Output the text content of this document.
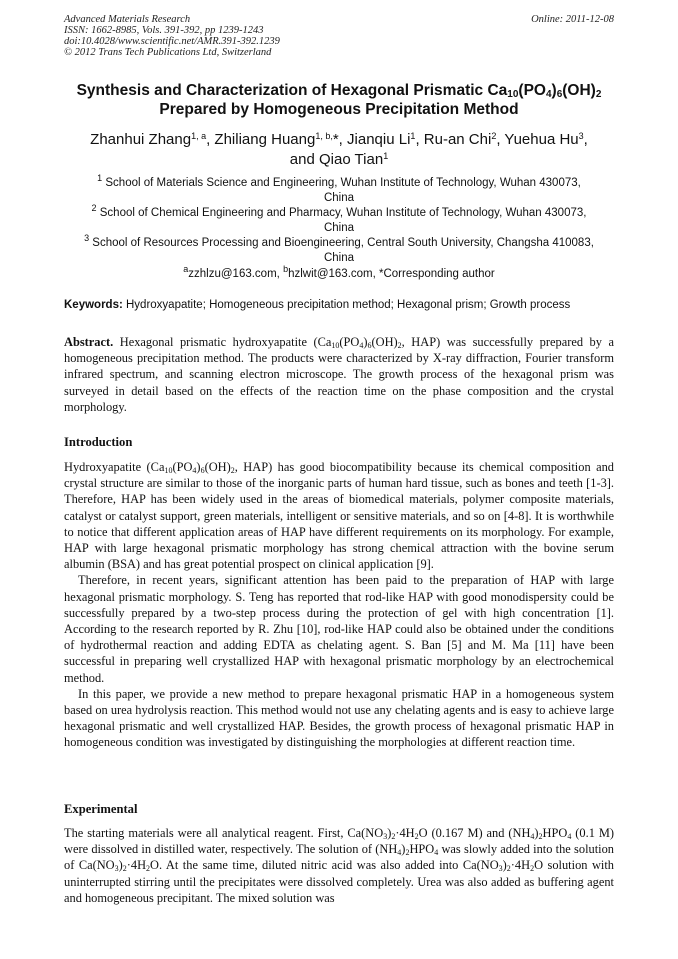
Advanced Materials Research
ISSN: 1662-8985, Vols. 391-392, pp 1239-1243
doi:10.4028/www.scientific.net/AMR.391-392.1239
© 2012 Trans Tech Publications Ltd, Switzerland
Online: 2011-12-08
Synthesis and Characterization of Hexagonal Prismatic $Ca_{10}(PO_4)_6(OH)_2$
Prepared by Homogeneous Precipitation Method
Zhanhui Zhang$^{1, a}$, Zhiliang Huang$^{1, b,}$*, Jianqiu Li$^1$, Ru-an Chi$^2$, Yuehua Hu$^3$,
and Qiao Tian$^1$
$^1$ School of Materials Science and Engineering, Wuhan Institute of Technology, Wuhan 430073,
China
$^2$ School of Chemical Engineering and Pharmacy, Wuhan Institute of Technology, Wuhan 430073,
China
$^3$ School of Resources Processing and Bioengineering, Central South University, Changsha 410083,
China
$^a$zzhlzu@163.com, $^b$hzlwit@163.com, *Corresponding author
Keywords: Hydroxyapatite; Homogeneous precipitation method; Hexagonal prism; Growth process

Abstract. Hexagonal prismatic hydroxyapatite ($Ca_{10}(PO_4)_6(OH)_2$, HAP) was successfully prepared by a homogeneous precipitation method. The products were characterized by X-ray diffraction, Fourier transform infrared spectrum, and scanning electron microscope. The growth process of the hexagonal prism was surveyed in detail based on the effects of the reaction time on the phase composition and the crystal morphology.

Introduction

Hydroxyapatite ($Ca_{10}(PO_4)_6(OH)_2$, HAP) has good biocompatibility because its chemical composition and crystal structure are similar to those of the inorganic parts of human hard tissue, such as bones and teeth [1-3]. Therefore, HAP has been widely used in the areas of biomedical materials, polymer composite materials, catalyst or catalyst support, green materials, intelligent or sensitive materials, and so on [4-8]. It is worthwhile to notice that different application areas of HAP have different requirements on its morphology. For example, HAP with large hexagonal prismatic morphology has strong chemical attraction with the bovine serum albumin (BSA) and has great potential prospect on clinical application [9].

Therefore, in recent years, significant attention has been paid to the preparation of HAP with large hexagonal prismatic morphology. S. Teng has reported that rod-like HAP with good monodispersity could be successfully prepared by a two-step process during the protection of gel with high concentration [1]. According to the research reported by R. Zhu [10], rod-like HAP could also be obtained under the conditions of hydrothermal reaction and adding EDTA as chelating agent. S. Ban [5] and M. Ma [11] have been successful in preparing well crystallized HAP with hexagonal prismatic morphology by an electrochemical method.

In this paper, we provide a new method to prepare hexagonal prismatic HAP in a homogeneous system based on urea hydrolysis reaction. This method would not use any chelating agents and is easy to achieve large hexagonal prismatic and well crystallized HAP. Besides, the growth process of hexagonal prismatic HAP in homogeneous condition was investigated by distinguishing the morphologies at different reaction time.

Experimental

The starting materials were all analytical reagent. First, $Ca(NO_3)_2\cdot 4H_2O$ (0.167 M) and $(NH_4)_2HPO_4$ (0.1 M) were dissolved in distilled water, respectively. The solution of $(NH_4)_2HPO_4$ was slowly added into the solution of $Ca(NO_3)_2\cdot 4H_2O$. At the same time, diluted nitric acid was also added into $Ca(NO_3)_2\cdot 4H_2O$ solution with uninterrupted stirring until the precipitates were dissolved completely. Urea was also added as buffering agent and homogeneous precipitant. The mixed solution was
